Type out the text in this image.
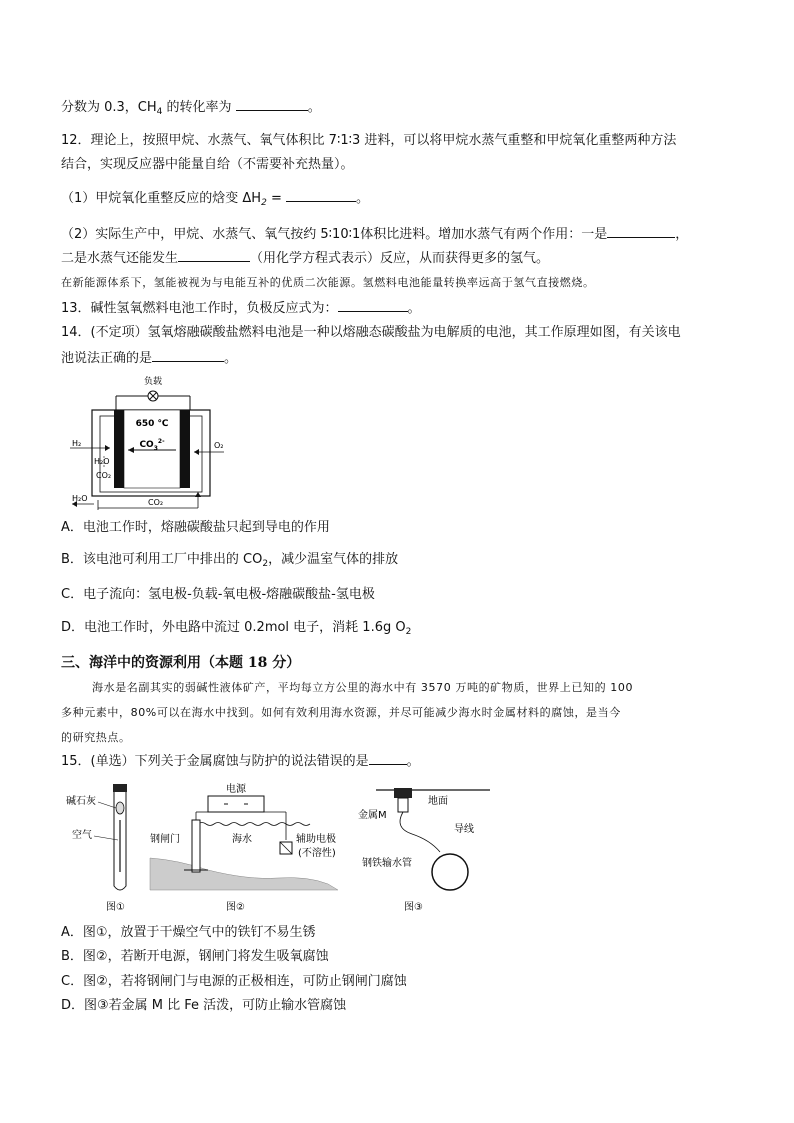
分数为 0.3，$CH_4$ 的转化率为	。
12．理论上，按照甲烷、水蒸气、氧气体积比 7∶1∶3 进料，可以将甲烷水蒸气重整和甲烷氧化重整两种方法
结合，实现反应器中能量自给（不需要补充热量）。
（1）甲烷氧化重整反应的焓变 $\Delta H_2$ =	。
（2）实际生产中，甲烷、水蒸气、氧气按约 5∶10∶1体积比进料。增加水蒸气有两个作用：一是	，
二是水蒸气还能发生	（用化学方程式表示）反应，从而获得更多的氢气。
在新能源体系下，氢能被视为与电能互补的优质二次能源。氢燃料电池能量转换率远高于氢气直接燃烧。
13．碱性氢氧燃料电池工作时，负极反应式为：	。
14．(不定项）氢氧熔融碳酸盐燃料电池是一种以熔融态碳酸盐为电解质的电池，其工作原理如图，有关该电
池说法正确的是	。
负载
650 ℃
$CO_3^{2-}$
H₂
H₂O
CO₂
O₂
H₂O	CO₂
A．电池工作时，熔融碳酸盐只起到导电的作用
B．该电池可利用工厂中排出的 $CO_2$，减少温室气体的排放
C．电子流向：氢电极-负载-氧电极-熔融碳酸盐-氢电极
D．电池工作时，外电路中流过 0.2mol 电子，消耗 1.6g $O_2$
三、海洋中的资源利用（本题 18 分）
海水是名副其实的弱碱性液体矿产，平均每立方公里的海水中有 3570 万吨的矿物质，世界上已知的 100
多种元素中，80%可以在海水中找到。如何有效利用海水资源，并尽可能减少海水时金属材料的腐蚀，是当今
的研究热点。
15．(单选）下列关于金属腐蚀与防护的说法错误的是	。
碱石灰
空气
图①
电源
钢闸门	海水	辅助电极
(不溶性)
图②
地面
金属M
导线
钢铁输水管
图③
A．图①，放置于干燥空气中的铁钉不易生锈
B．图②，若断开电源，钢闸门将发生吸氧腐蚀
C．图②，若将钢闸门与电源的正极相连，可防止钢闸门腐蚀
D．图③若金属 M 比 Fe 活泼，可防止输水管腐蚀
